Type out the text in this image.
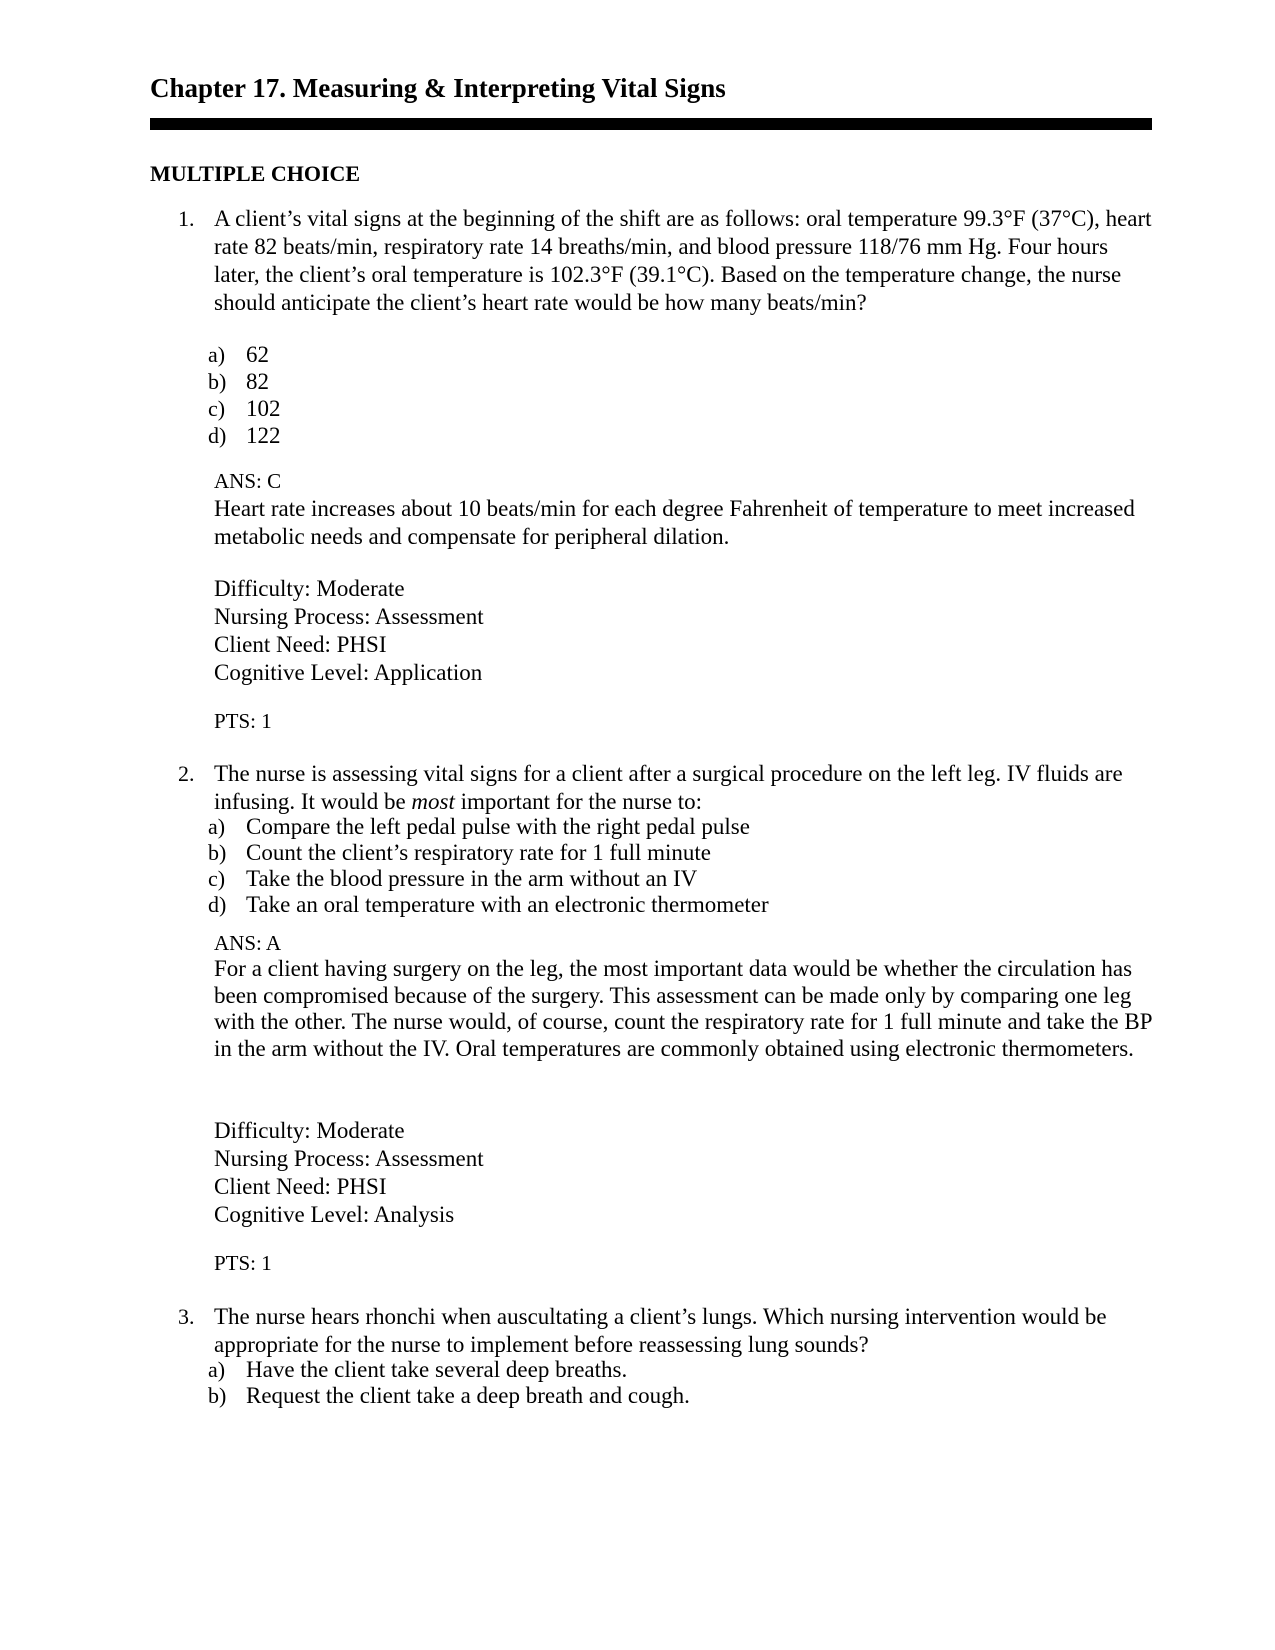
Chapter 17. Measuring & Interpreting Vital Signs
MULTIPLE CHOICE
1. A client’s vital signs at the beginning of the shift are as follows: oral temperature 99.3°F (37°C), heart rate 82 beats/min, respiratory rate 14 breaths/min, and blood pressure 118/76 mm Hg. Four hours later, the client’s oral temperature is 102.3°F (39.1°C). Based on the temperature change, the nurse should anticipate the client’s heart rate would be how many beats/min?
a) 62
b) 82
c) 102
d) 122
ANS: C
Heart rate increases about 10 beats/min for each degree Fahrenheit of temperature to meet increased metabolic needs and compensate for peripheral dilation.
Difficulty: Moderate
Nursing Process: Assessment
Client Need: PHSI
Cognitive Level: Application
PTS: 1
2. The nurse is assessing vital signs for a client after a surgical procedure on the left leg. IV fluids are infusing. It would be most important for the nurse to:
a) Compare the left pedal pulse with the right pedal pulse
b) Count the client’s respiratory rate for 1 full minute
c) Take the blood pressure in the arm without an IV
d) Take an oral temperature with an electronic thermometer
ANS: A
For a client having surgery on the leg, the most important data would be whether the circulation has been compromised because of the surgery. This assessment can be made only by comparing one leg with the other. The nurse would, of course, count the respiratory rate for 1 full minute and take the BP in the arm without the IV. Oral temperatures are commonly obtained using electronic thermometers.
Difficulty: Moderate
Nursing Process: Assessment
Client Need: PHSI
Cognitive Level: Analysis
PTS: 1
3. The nurse hears rhonchi when auscultating a client’s lungs. Which nursing intervention would be appropriate for the nurse to implement before reassessing lung sounds?
a) Have the client take several deep breaths.
b) Request the client take a deep breath and cough.
